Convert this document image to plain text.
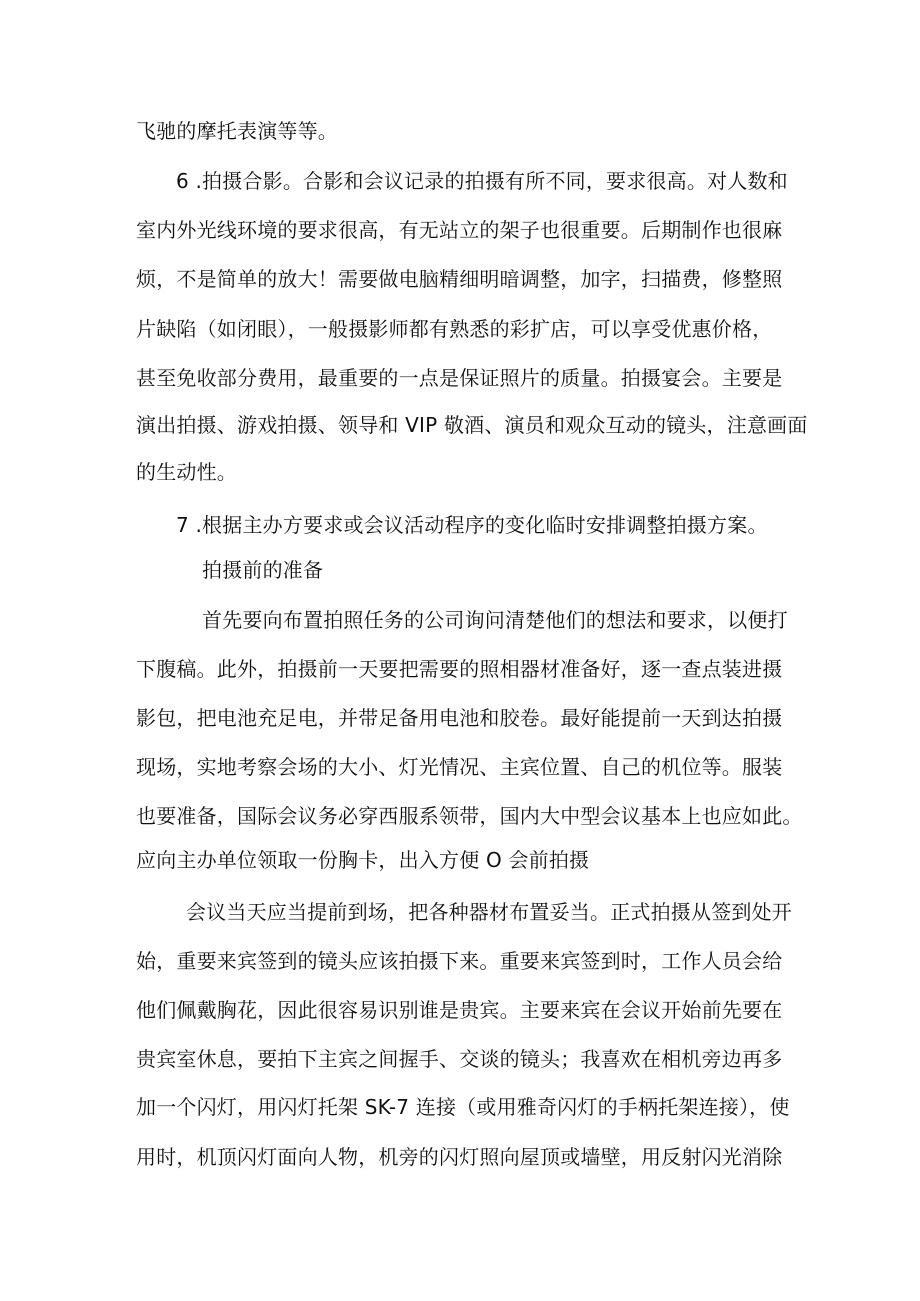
飞驰的摩托表演等等。
6 .拍摄合影。合影和会议记录的拍摄有所不同，要求很高。对人数和
室内外光线环境的要求很高，有无站立的架子也很重要。后期制作也很麻
烦，不是简单的放大！需要做电脑精细明暗调整，加字，扫描费，修整照
片缺陷（如闭眼），一般摄影师都有熟悉的彩扩店，可以享受优惠价格，
甚至免收部分费用，最重要的一点是保证照片的质量。拍摄宴会。主要是
演出拍摄、游戏拍摄、领导和 VIP 敬酒、演员和观众互动的镜头，注意画面
的生动性。
7 .根据主办方要求或会议活动程序的变化临时安排调整拍摄方案。
拍摄前的准备
首先要向布置拍照任务的公司询问清楚他们的想法和要求，以便打
下腹稿。此外，拍摄前一天要把需要的照相器材准备好，逐一查点装进摄
影包，把电池充足电，并带足备用电池和胶卷。最好能提前一天到达拍摄
现场，实地考察会场的大小、灯光情况、主宾位置、自己的机位等。服装
也要准备，国际会议务必穿西服系领带，国内大中型会议基本上也应如此。
应向主办单位领取一份胸卡，出入方便 O 会前拍摄
会议当天应当提前到场，把各种器材布置妥当。正式拍摄从签到处开
始，重要来宾签到的镜头应该拍摄下来。重要来宾签到时，工作人员会给
他们佩戴胸花，因此很容易识别谁是贵宾。主要来宾在会议开始前先要在
贵宾室休息，要拍下主宾之间握手、交谈的镜头；我喜欢在相机旁边再多
加一个闪灯，用闪灯托架 SK-7 连接（或用雅奇闪灯的手柄托架连接），使
用时，机顶闪灯面向人物，机旁的闪灯照向屋顶或墙壁，用反射闪光消除
